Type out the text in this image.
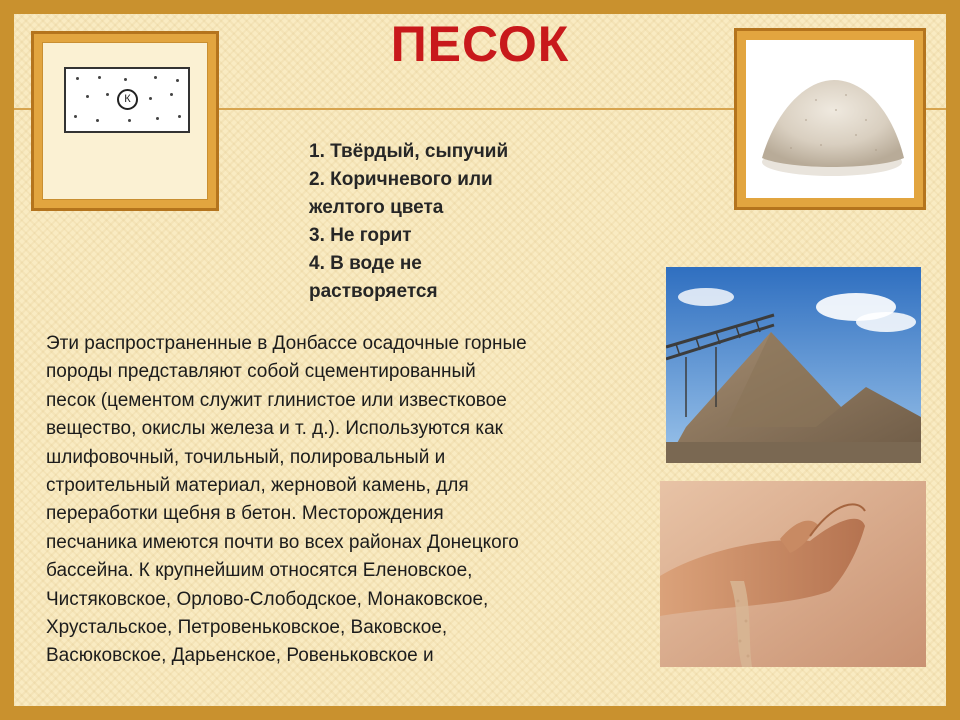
ПЕСОК
К
1. Твёрдый, сыпучий
2. Коричневого или
желтого цвета
3. Не горит
4. В воде не
растворяется
Эти распространенные в Донбассе осадочные горные
породы представляют собой сцементированный
песок (цементом служит глинистое или известковое
вещество, окислы железа и т. д.). Используются как
шлифовочный, точильный, полировальный и
строительный материал, жерновой камень, для
переработки щебня в бетон. Месторождения
песчаника имеются почти во всех районах Донецкого
бассейна. К крупнейшим относятся Еленовское,
Чистяковское, Орлово-Слободское, Монаковское,
Хрустальское, Петровеньковское, Ваковское,
Васюковское, Дарьенское, Ровеньковское и
